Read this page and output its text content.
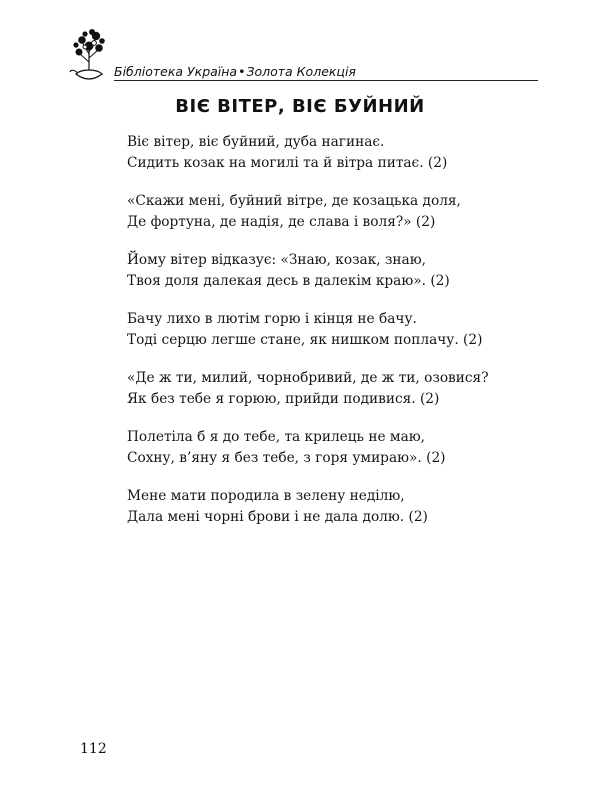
Бібліотека Україна•Золота Колекція
ВІЄ ВІТЕР, ВІЄ БУЙНИЙ
Віє вітер, віє буйний, дуба нагинає.
Сидить козак на могилі та й вітра питає. (2)
«Скажи мені, буйний вітре, де козацька доля,
Де фортуна, де надія, де слава і воля?» (2)
Йому вітер відказує: «Знаю, козак, знаю,
Твоя доля далекая десь в далекім краю». (2)
Бачу лихо в лютім горю і кінця не бачу.
Тоді серцю легше стане, як нишком поплачу. (2)
«Де ж ти, милий, чорнобривий, де ж ти, озовися?
Як без тебе я горюю, прийди подивися. (2)
Полетіла б я до тебе, та крилець не маю,
Сохну, в’яну я без тебе, з горя умираю». (2)
Мене мати породила в зелену неділю,
Дала мені чорні брови і не дала долю. (2)
112
